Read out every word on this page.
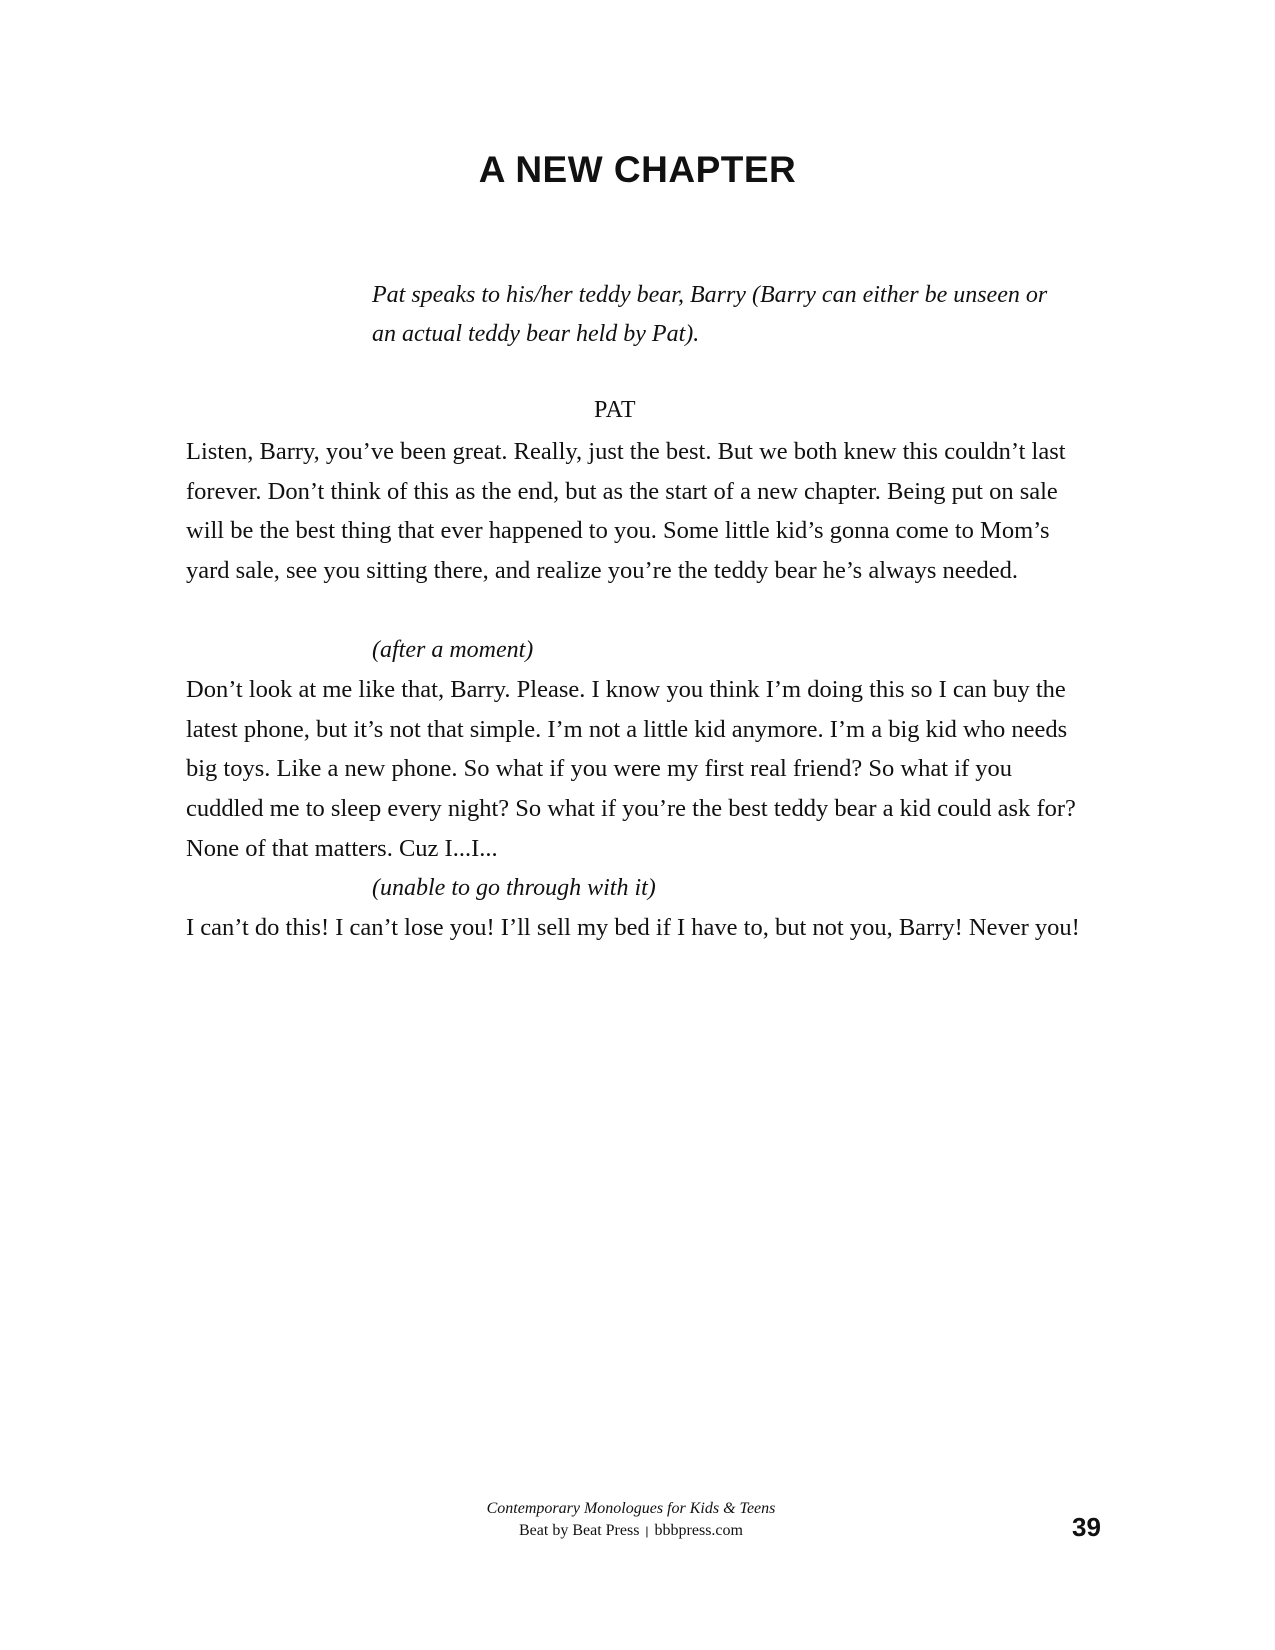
A NEW CHAPTER

Pat speaks to his/her teddy bear, Barry (Barry can either be unseen or an actual teddy bear held by Pat).

PAT

Listen, Barry, you’ve been great. Really, just the best. But we both knew this couldn’t last forever. Don’t think of this as the end, but as the start of a new chapter. Being put on sale will be the best thing that ever happened to you. Some little kid’s gonna come to Mom’s yard sale, see you sitting there, and realize you’re the teddy bear he’s always needed.

(after a moment)

Don’t look at me like that, Barry. Please. I know you think I’m doing this so I can buy the latest phone, but it’s not that simple. I’m not a little kid anymore. I’m a big kid who needs big toys. Like a new phone. So what if you were my first real friend? So what if you cuddled me to sleep every night? So what if you’re the best teddy bear a kid could ask for? None of that matters. Cuz I...I...

(unable to go through with it)

I can’t do this! I can’t lose you! I’ll sell my bed if I have to, but not you, Barry! Never you!

Contemporary Monologues for Kids & Teens
Beat by Beat Press | bbbpress.com	39
